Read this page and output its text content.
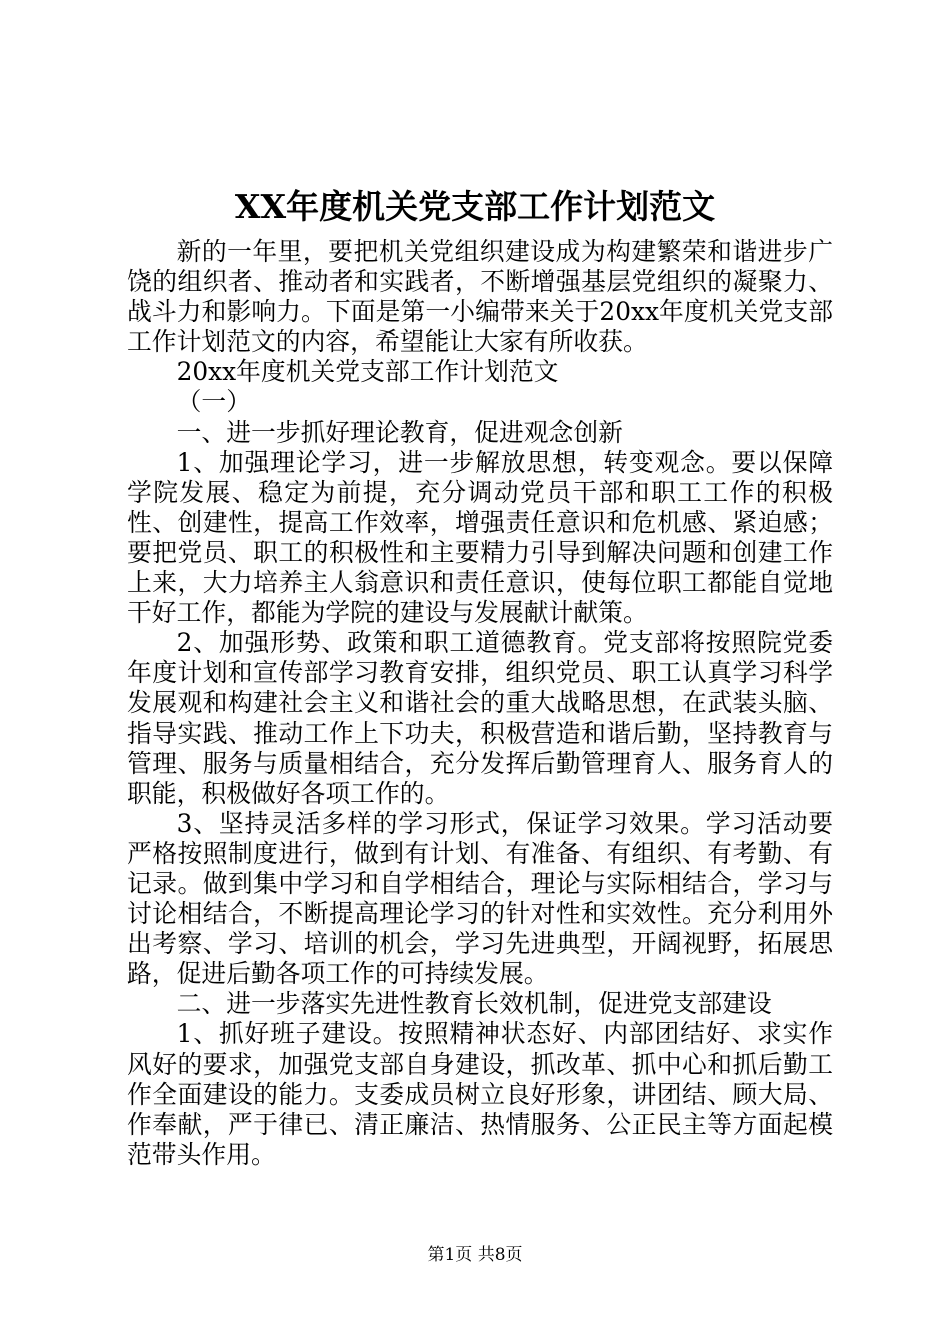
XX年度机关党支部工作计划范文

新的一年里，要把机关党组织建设成为构建繁荣和谐进步广饶的组织者、推动者和实践者，不断增强基层党组织的凝聚力、战斗力和影响力。下面是第一小编带来关于20xx年度机关党支部工作计划范文的内容，希望能让大家有所收获。

20xx年度机关党支部工作计划范文

（一）

一、进一步抓好理论教育，促进观念创新

1、加强理论学习，进一步解放思想，转变观念。要以保障学院发展、稳定为前提，充分调动党员干部和职工工作的积极性、创建性，提高工作效率，增强责任意识和危机感、紧迫感；要把党员、职工的积极性和主要精力引导到解决问题和创建工作上来，大力培养主人翁意识和责任意识，使每位职工都能自觉地干好工作，都能为学院的建设与发展献计献策。

2、加强形势、政策和职工道德教育。党支部将按照院党委年度计划和宣传部学习教育安排，组织党员、职工认真学习科学发展观和构建社会主义和谐社会的重大战略思想，在武装头脑、指导实践、推动工作上下功夫，积极营造和谐后勤，坚持教育与管理、服务与质量相结合，充分发挥后勤管理育人、服务育人的职能，积极做好各项工作的。

3、坚持灵活多样的学习形式，保证学习效果。学习活动要严格按照制度进行，做到有计划、有准备、有组织、有考勤、有记录。做到集中学习和自学相结合，理论与实际相结合，学习与讨论相结合，不断提高理论学习的针对性和实效性。充分利用外出考察、学习、培训的机会，学习先进典型，开阔视野，拓展思路，促进后勤各项工作的可持续发展。

二、进一步落实先进性教育长效机制，促进党支部建设

1、抓好班子建设。按照精神状态好、内部团结好、求实作风好的要求，加强党支部自身建设，抓改革、抓中心和抓后勤工作全面建设的能力。支委成员树立良好形象，讲团结、顾大局、作奉献，严于律已、清正廉洁、热情服务、公正民主等方面起模范带头作用。

第1页 共8页
